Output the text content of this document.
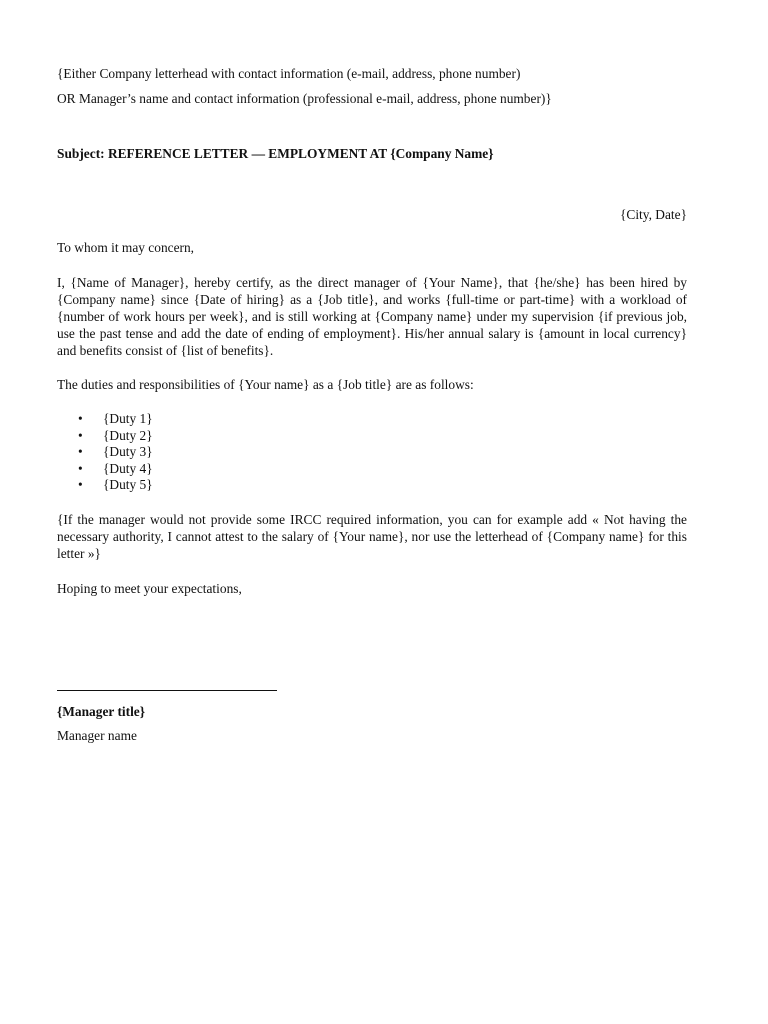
{Either Company letterhead with contact information (e-mail, address, phone number)

OR Manager’s name and contact information (professional e-mail, address, phone number)}

Subject: REFERENCE LETTER — EMPLOYMENT AT {Company Name}

{City, Date}

To whom it may concern,

I, {Name of Manager}, hereby certify, as the direct manager of {Your Name}, that {he/she} has been hired by {Company name} since {Date of hiring} as a {Job title}, and works {full-time or part-time} with a workload of {number of work hours per week}, and is still working at {Company name} under my supervision {if previous job, use the past tense and add the date of ending of employment}. His/her annual salary is {amount in local currency} and benefits consist of {list of benefits}.

The duties and responsibilities of {Your name} as a {Job title} are as follows:

• {Duty 1}
• {Duty 2}
• {Duty 3}
• {Duty 4}
• {Duty 5}

{If the manager would not provide some IRCC required information, you can for example add « Not having the necessary authority, I cannot attest to the salary of {Your name}, nor use the letterhead of {Company name} for this letter »}

Hoping to meet your expectations,

{Manager title}

Manager name
